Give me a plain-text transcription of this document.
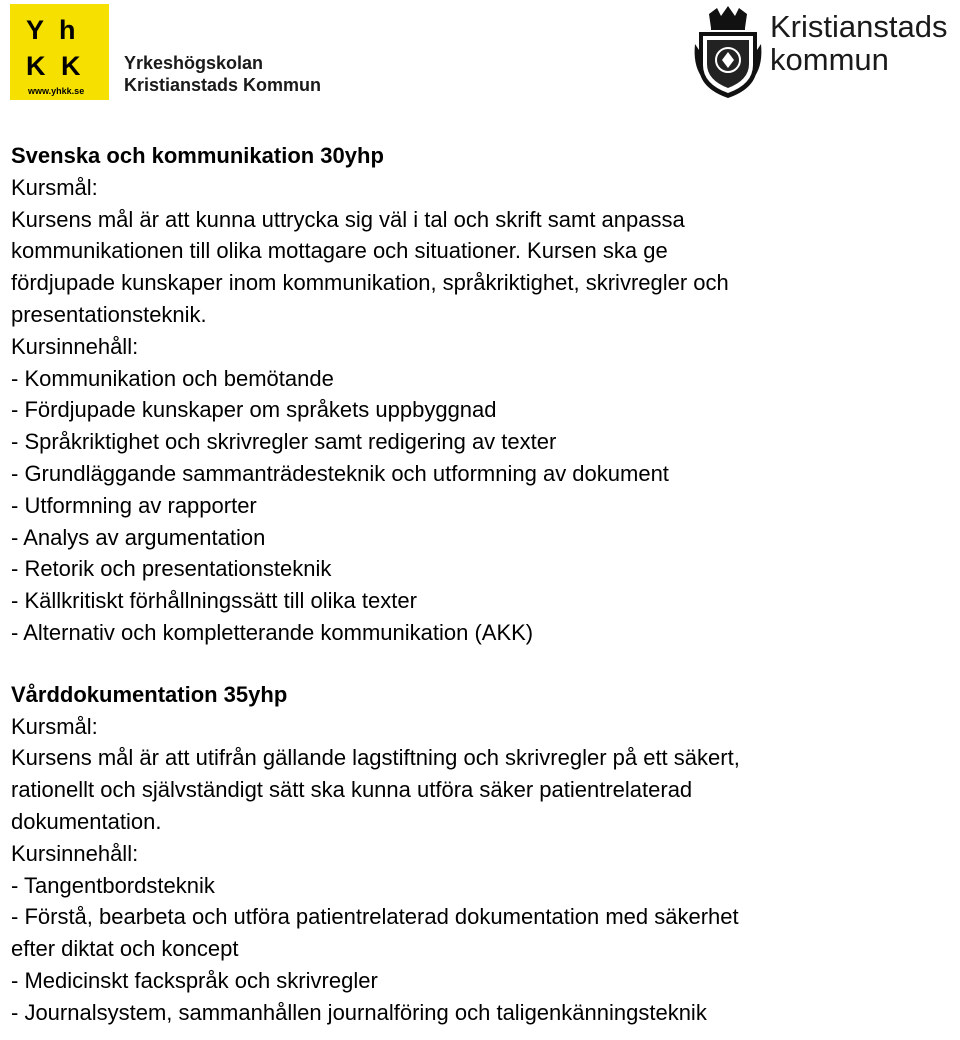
Y h
K K
www.yhkk.se
Yrkeshögskolan
Kristianstads Kommun
Kristianstads
kommun

Svenska och kommunikation 30yhp

Kursmål:

Kursens mål är att kunna uttrycka sig väl i tal och skrift samt anpassa

kommunikationen till olika mottagare och situationer. Kursen ska ge

fördjupade kunskaper inom kommunikation, språkriktighet, skrivregler och

presentationsteknik.

Kursinnehåll:

- Kommunikation och bemötande

- Fördjupade kunskaper om språkets uppbyggnad

- Språkriktighet och skrivregler samt redigering av texter

- Grundläggande sammanträdesteknik och utformning av dokument

- Utformning av rapporter

- Analys av argumentation

- Retorik och presentationsteknik

- Källkritiskt förhållningssätt till olika texter

- Alternativ och kompletterande kommunikation (AKK)

Vårddokumentation 35yhp

Kursmål:

Kursens mål är att utifrån gällande lagstiftning och skrivregler på ett säkert,

rationellt och självständigt sätt ska kunna utföra säker patientrelaterad

dokumentation.

Kursinnehåll:

- Tangentbordsteknik

- Förstå, bearbeta och utföra patientrelaterad dokumentation med säkerhet

efter diktat och koncept

- Medicinskt fackspråk och skrivregler

- Journalsystem, sammanhållen journalföring och taligenkänningsteknik
